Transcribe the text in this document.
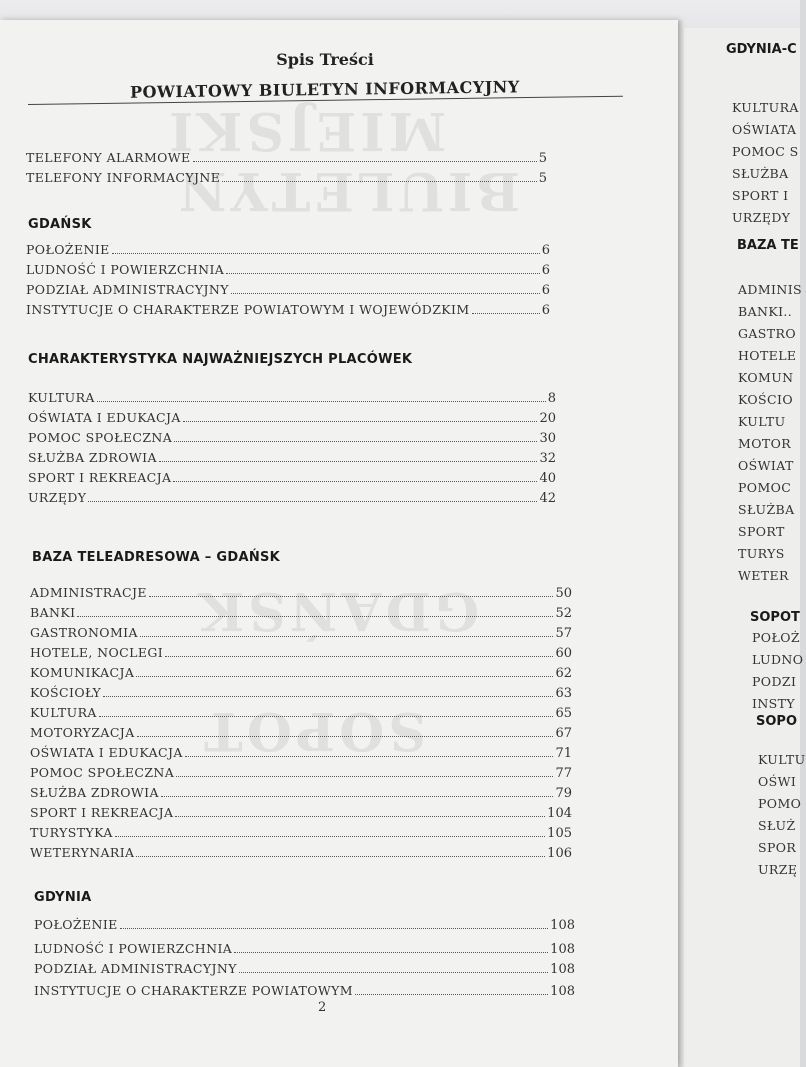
GDYNIA-C
KULTURA
OŚWIATA
POMOC S
SŁUŻBA
SPORT I
URZĘDY
BAZA TE
ADMINIS
BANKI..
GASTRO
HOTELE
KOMUN
KOŚCIO
KULTU
MOTOR
OŚWIAT
POMOC
SŁUŻBA
SPORT
TURYS
WETER
SOPOT
POŁOŻ
LUDNO
PODZI
INSTY
SOPO
KULTU
OŚWI
POMO
SŁUŻ
SPOR
URZĘ
MIEJSKI
BIULETYN
GDAŃSK
SOPOT
Spis Treści
POWIATOWY BIULETYN INFORMACYJNY
TELEFONY ALARMOWE	5
TELEFONY INFORMACYJNE	5
GDAŃSK
POŁOŻENIE	6
LUDNOŚĆ I POWIERZCHNIA	6
PODZIAŁ ADMINISTRACYJNY	6
INSTYTUCJE O CHARAKTERZE POWIATOWYM I WOJEWÓDZKIM	6
CHARAKTERYSTYKA NAJWAŻNIEJSZYCH PLACÓWEK
KULTURA	8
OŚWIATA I EDUKACJA	20
POMOC SPOŁECZNA	30
SŁUŻBA ZDROWIA	32
SPORT I REKREACJA	40
URZĘDY	42
BAZA TELEADRESOWA – GDAŃSK
ADMINISTRACJE	50
BANKI	52
GASTRONOMIA	57
HOTELE, NOCLEGI	60
KOMUNIKACJA	62
KOŚCIOŁY	63
KULTURA	65
MOTORYZACJA	67
OŚWIATA I EDUKACJA	71
POMOC SPOŁECZNA	77
SŁUŻBA ZDROWIA	79
SPORT I REKREACJA	104
TURYSTYKA	105
WETERYNARIA	106
GDYNIA
POŁOŻENIE	108
LUDNOŚĆ I POWIERZCHNIA	108
PODZIAŁ ADMINISTRACYJNY	108
INSTYTUCJE O CHARAKTERZE POWIATOWYM	108
2
